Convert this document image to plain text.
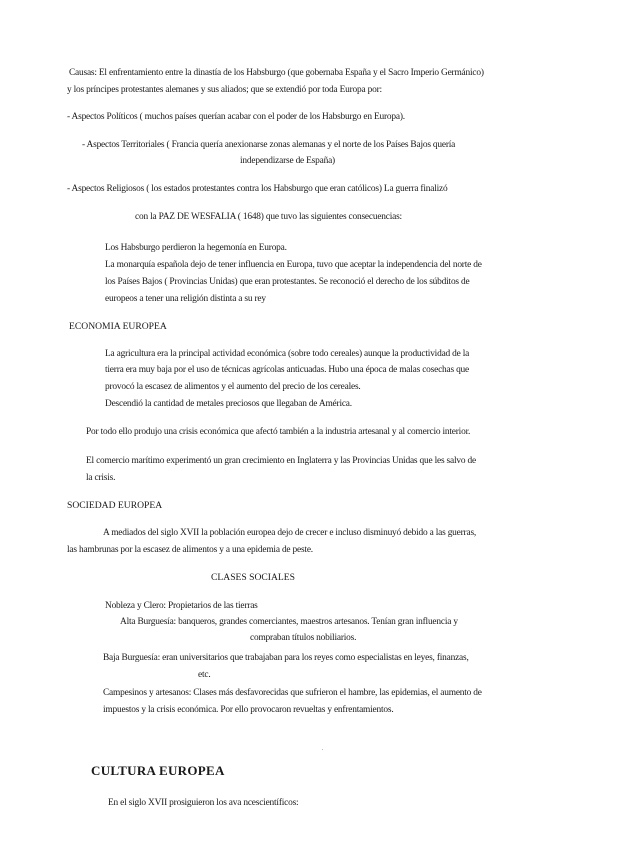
Causas: El enfrentamiento entre la dinastía de los Habsburgo (que gobernaba España y el Sacro Imperio Germánico)
y los príncipes protestantes alemanes y sus aliados; que se extendió por toda Europa por:
- Aspectos Políticos ( muchos países querían acabar con el poder de los Habsburgo en Europa).
- Aspectos Territoriales ( Francia quería anexionarse zonas alemanas y el norte de los Países Bajos quería
independizarse de España)
- Aspectos Religiosos ( los estados protestantes contra los Habsburgo que eran católicos) La guerra finalizó
con la PAZ DE WESFALIA ( 1648) que tuvo las siguientes consecuencias:
Los Habsburgo perdieron la hegemonía en Europa.
La monarquía española dejo de tener influencia en Europa, tuvo que aceptar la independencia del norte de
los Países Bajos ( Provincias Unidas) que eran protestantes. Se reconoció el derecho de los súbditos de
europeos a tener una religión distinta a su rey
ECONOMIA EUROPEA
La agricultura era la principal actividad económica (sobre todo cereales) aunque la productividad de la
tierra era muy baja por el uso de técnicas agrícolas anticuadas. Hubo una época de malas cosechas que
provocó la escasez de alimentos y el aumento del precio de los cereales.
Descendió la cantidad de metales preciosos que llegaban de América.
Por todo ello produjo una crisis económica que afectó también a la industria artesanal y al comercio interior.
El comercio marítimo experimentó un gran crecimiento en Inglaterra y las Provincias Unidas que les salvo de
la crisis.
SOCIEDAD EUROPEA
A mediados del siglo XVII la población europea dejo de crecer e incluso disminuyó debido a las guerras,
las hambrunas por la escasez de alimentos y a una epidemia de peste.
CLASES SOCIALES
Nobleza y Clero: Propietarios de las tierras
Alta Burguesía: banqueros, grandes comerciantes, maestros artesanos. Tenían gran influencia y
compraban títulos nobiliarios.
Baja Burguesía: eran universitarios que trabajaban para los reyes como especialistas en leyes, finanzas,
etc.
Campesinos y artesanos: Clases más desfavorecidas que sufrieron el hambre, las epidemias, el aumento de
impuestos y la crisis económica. Por ello provocaron revueltas y enfrentamientos.
CULTURA EUROPEA
En el siglo XVII prosiguieron los ava ncescientíficos:
